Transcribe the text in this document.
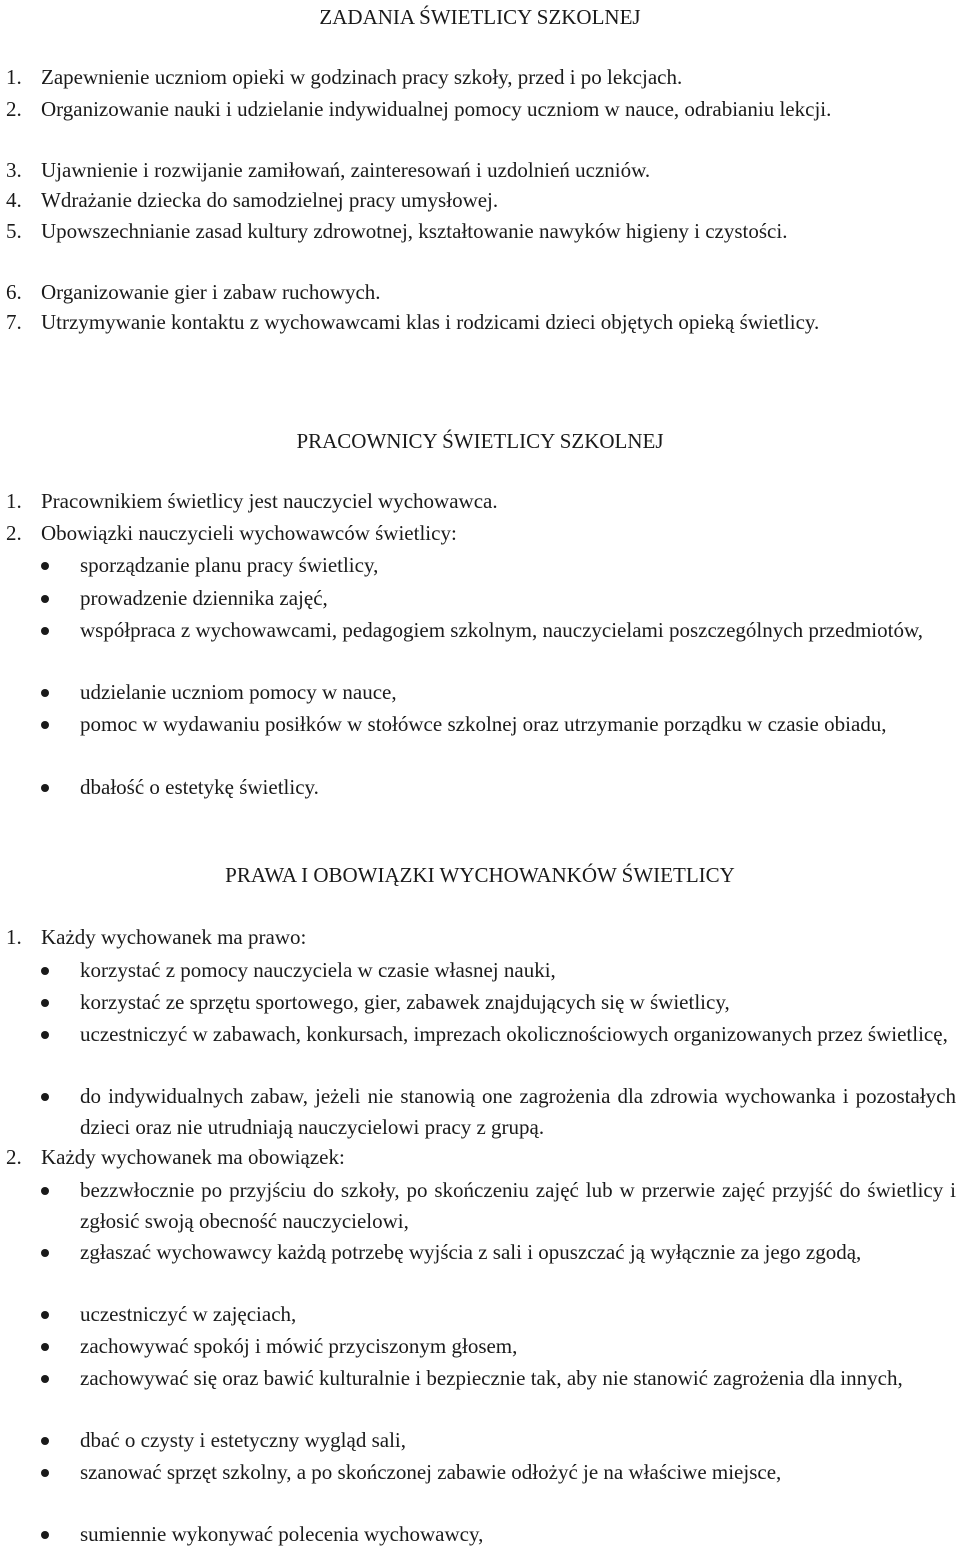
ZADANIA ŚWIETLICY SZKOLNEJ
1. Zapewnienie uczniom opieki w godzinach pracy szkoły, przed i po lekcjach.
2. Organizowanie nauki i udzielanie indywidualnej pomocy uczniom w nauce, odrabianiu lekcji.
3. Ujawnienie i rozwijanie zamiłowań, zainteresowań i uzdolnień uczniów.
4. Wdrażanie dziecka do samodzielnej pracy umysłowej.
5. Upowszechnianie zasad kultury zdrowotnej, kształtowanie nawyków higieny i czystości.
6. Organizowanie gier i zabaw ruchowych.
7. Utrzymywanie kontaktu z wychowawcami klas i rodzicami dzieci objętych opieką świetlicy.
PRACOWNICY ŚWIETLICY SZKOLNEJ
1. Pracownikiem świetlicy jest nauczyciel wychowawca.
2. Obowiązki nauczycieli wychowawców świetlicy:
sporządzanie planu pracy świetlicy,
prowadzenie dziennika zajęć,
współpraca z wychowawcami, pedagogiem szkolnym, nauczycielami poszczególnych przedmiotów,
udzielanie uczniom pomocy w nauce,
pomoc w wydawaniu posiłków w stołówce szkolnej oraz utrzymanie porządku w czasie obiadu,
dbałość o estetykę świetlicy.
PRAWA I OBOWIĄZKI WYCHOWANKÓW ŚWIETLICY
1. Każdy wychowanek ma prawo:
korzystać z pomocy nauczyciela w czasie własnej nauki,
korzystać ze sprzętu sportowego, gier, zabawek znajdujących się w świetlicy,
uczestniczyć w zabawach, konkursach, imprezach okolicznościowych organizowanych przez świetlicę,
do indywidualnych zabaw, jeżeli nie stanowią one zagrożenia dla zdrowia wychowanka i pozostałych dzieci oraz nie utrudniają nauczycielowi pracy z grupą.
2. Każdy wychowanek ma obowiązek:
bezzwłocznie po przyjściu do szkoły, po skończeniu zajęć lub w przerwie zajęć przyjść do świetlicy i zgłosić swoją obecność nauczycielowi,
zgłaszać wychowawcy każdą potrzebę wyjścia z sali i opuszczać ją wyłącznie za jego zgodą,
uczestniczyć w zajęciach,
zachowywać spokój i mówić przyciszonym głosem,
zachowywać się oraz bawić kulturalnie i bezpiecznie tak, aby nie stanowić zagrożenia dla innych,
dbać o czysty i estetyczny wygląd sali,
szanować sprzęt szkolny, a po skończonej zabawie odłożyć je na właściwe miejsce,
sumiennie wykonywać polecenia wychowawcy,
